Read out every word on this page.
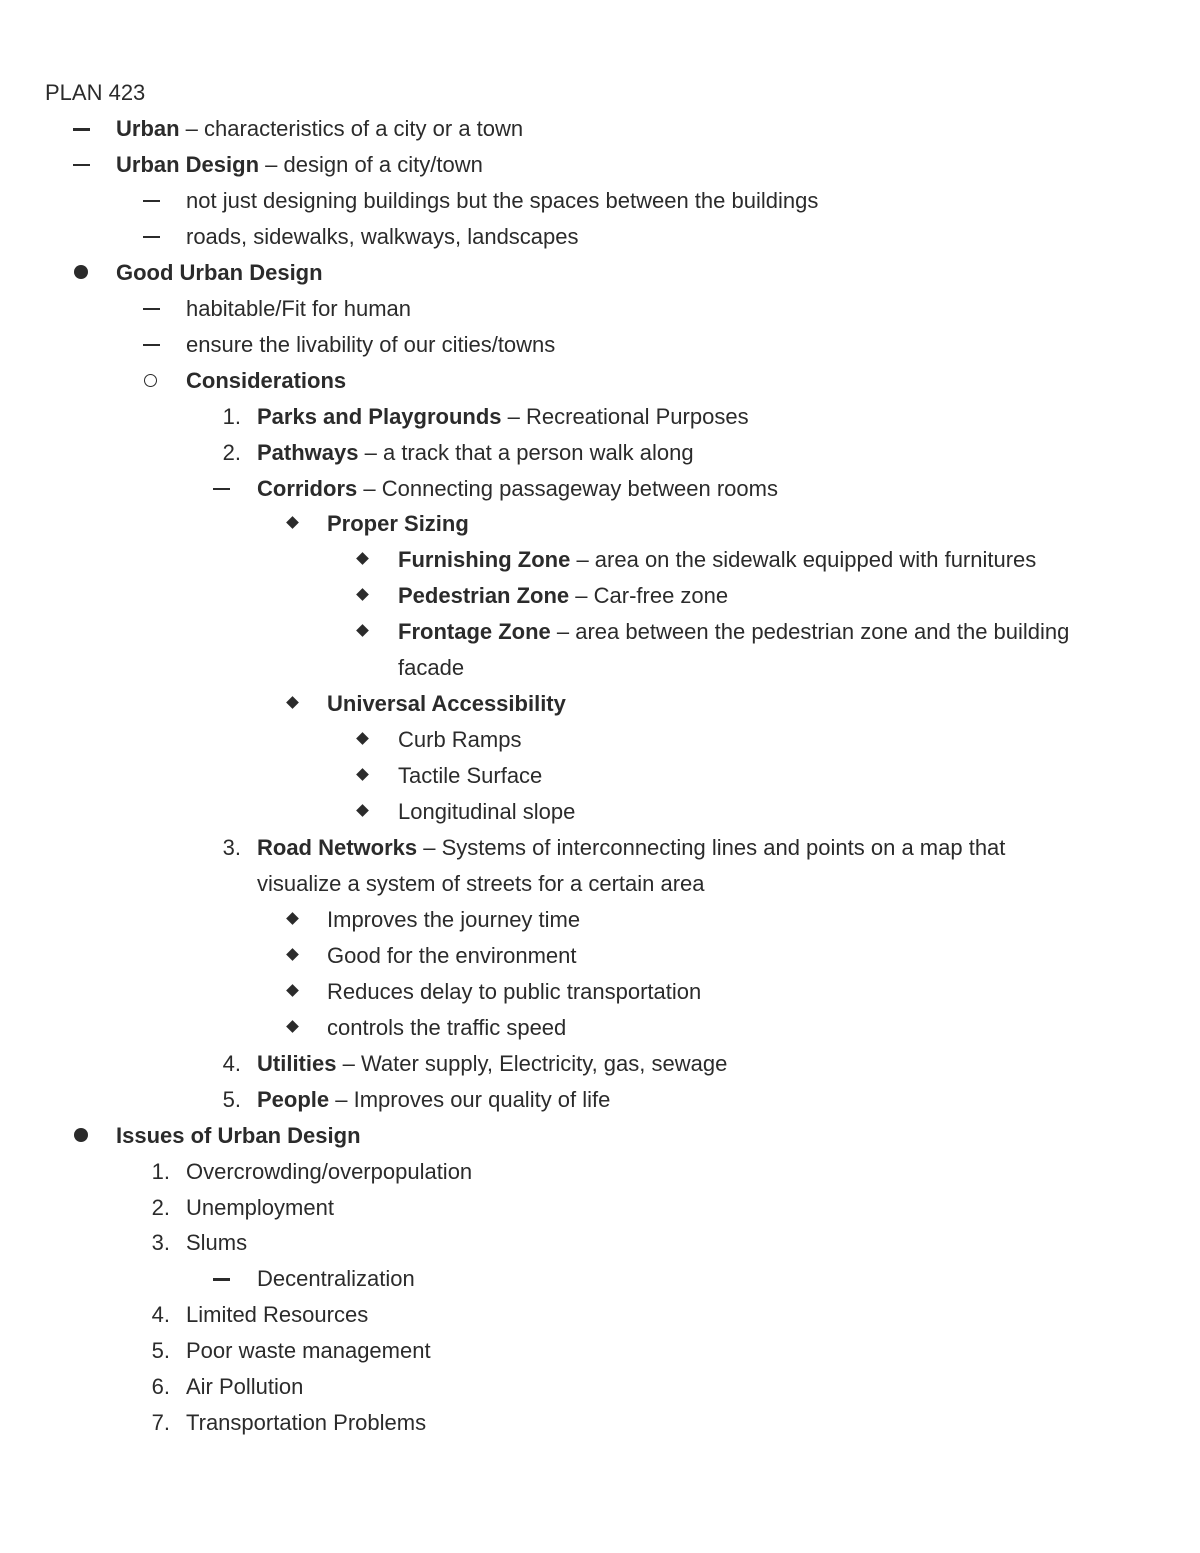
PLAN 423
Urban – characteristics of a city or a town
Urban Design – design of a city/town
not just designing buildings but the spaces between the buildings
roads, sidewalks, walkways, landscapes
Good Urban Design
habitable/Fit for human
ensure the livability of our cities/towns
Considerations
1. Parks and Playgrounds – Recreational Purposes
2. Pathways – a track that a person walk along
Corridors – Connecting passageway between rooms
Proper Sizing
Furnishing Zone – area on the sidewalk equipped with furnitures
Pedestrian Zone – Car-free zone
Frontage Zone – area between the pedestrian zone and the building
facade
Universal Accessibility
Curb Ramps
Tactile Surface
Longitudinal slope
3. Road Networks – Systems of interconnecting lines and points on a map that
visualize a system of streets for a certain area
Improves the journey time
Good for the environment
Reduces delay to public transportation
controls the traffic speed
4. Utilities – Water supply, Electricity, gas, sewage
5. People – Improves our quality of life
Issues of Urban Design
1. Overcrowding/overpopulation
2. Unemployment
3. Slums
Decentralization
4. Limited Resources
5. Poor waste management
6. Air Pollution
7. Transportation Problems
